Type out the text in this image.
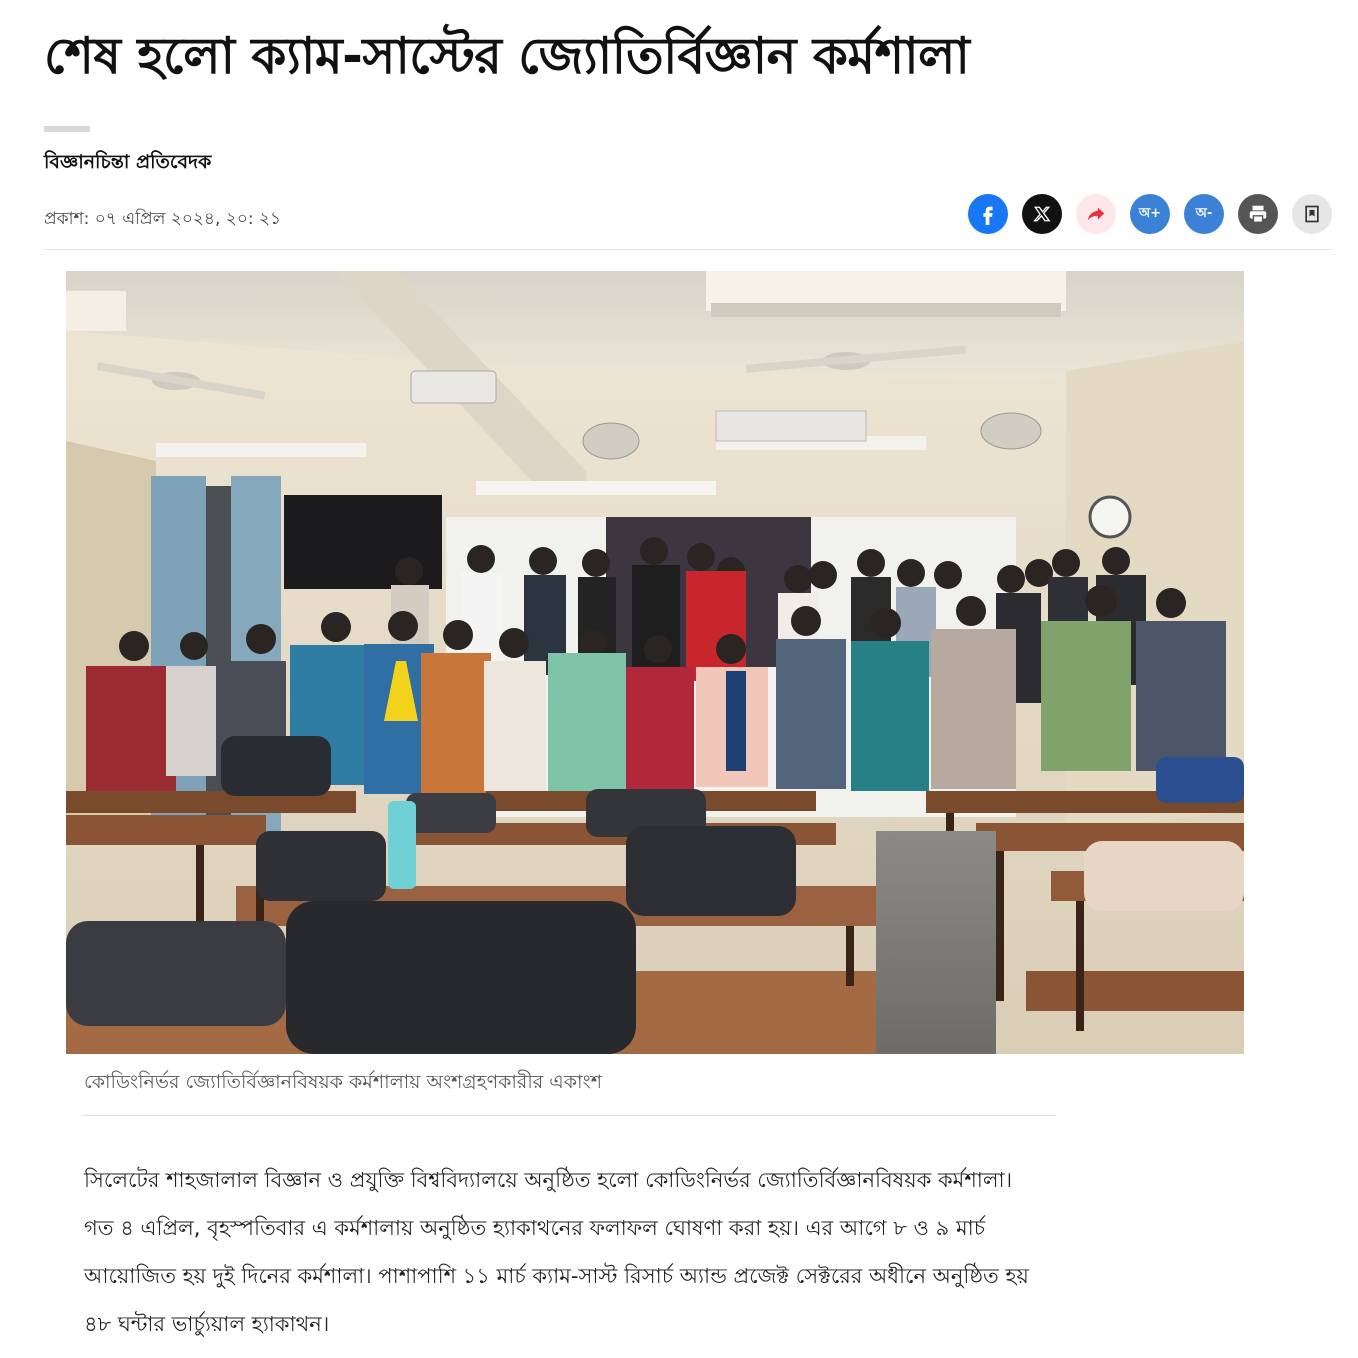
শেষ হলো ক্যাম-সাস্টের জ্যোতির্বিজ্ঞান কর্মশালা
বিজ্ঞানচিন্তা প্রতিবেদক
প্রকাশ: ০৭ এপ্রিল ২০২৪, ২০: ২১	অ+	অ-
কোডিংনির্ভর জ্যোতির্বিজ্ঞানবিষয়ক কর্মশালায় অংশগ্রহণকারীর একাংশ

সিলেটের শাহজালাল বিজ্ঞান ও প্রযুক্তি বিশ্ববিদ্যালয়ে অনুষ্ঠিত হলো কোডিংনির্ভর জ্যোতির্বিজ্ঞানবিষয়ক কর্মশালা। গত ৪ এপ্রিল, বৃহস্পতিবার এ কর্মশালায় অনুষ্ঠিত হ্যাকাথনের ফলাফল ঘোষণা করা হয়। এর আগে ৮ ও ৯ মার্চ আয়োজিত হয় দুই দিনের কর্মশালা। পাশাপাশি ১১ মার্চ ক্যাম-সাস্ট রিসার্চ অ্যান্ড প্রজেক্ট সেক্টরের অধীনে অনুষ্ঠিত হয় ৪৮ ঘন্টার ভার্চ্যুয়াল হ্যাকাথন।
